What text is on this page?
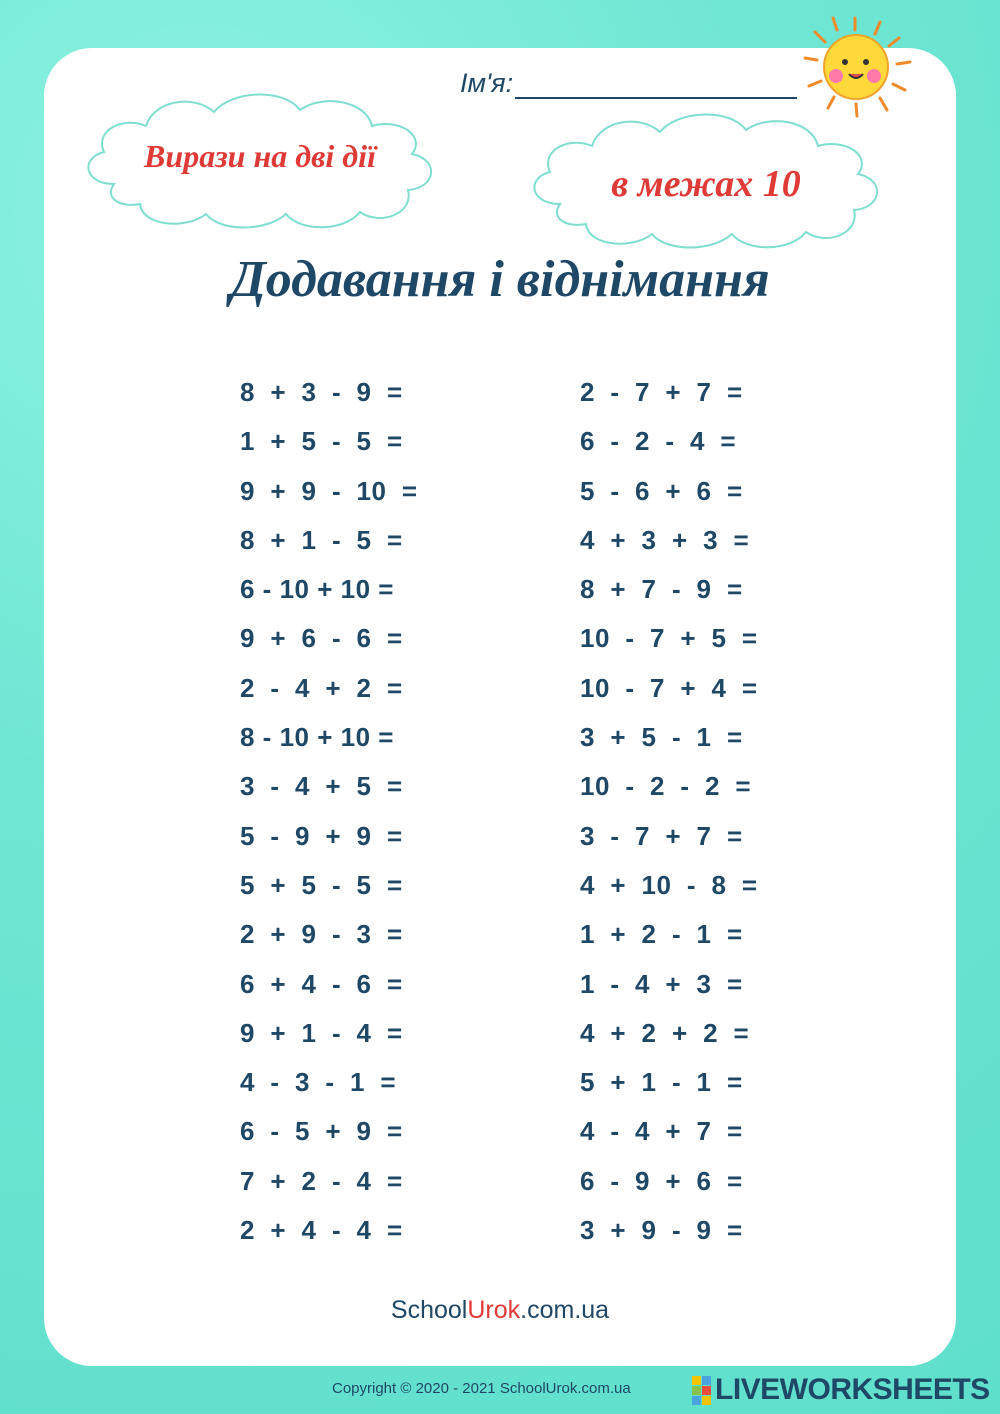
Ім'я:
Вирази на дві дії
в межах 10
Додавання і віднімання
8  +  3  -  9  =
1  +  5  -  5  =
9  +  9  -  10  =
8  +  1  -  5  =
6 - 10 + 10 =
9  +  6  -  6  =
2  -  4  +  2  =
8 - 10 + 10 =
3  -  4  +  5  =
5  -  9  +  9  =
5  +  5  -  5  =
2  +  9  -  3  =
6  +  4  -  6  =
9  +  1  -  4  =
4  -  3  -  1  =
6  -  5  +  9  =
7  +  2  -  4  =
2  +  4  -  4  =
2  -  7  +  7  =
6  -  2  -  4  =
5  -  6  +  6  =
4  +  3  +  3  =
8  +  7  -  9  =
10  -  7  +  5  =
10  -  7  +  4  =
3  +  5  -  1  =
10  -  2  -  2  =
3  -  7  +  7  =
4  +  10  -  8  =
1  +  2  -  1  =
1  -  4  +  3  =
4  +  2  +  2  =
5  +  1  -  1  =
4  -  4  +  7  =
6  -  9  +  6  =
3  +  9  -  9  =
SchoolUrok.com.ua
Copyright © 2020 - 2021 SchoolUrok.com.ua	LIVEWORKSHEETS
